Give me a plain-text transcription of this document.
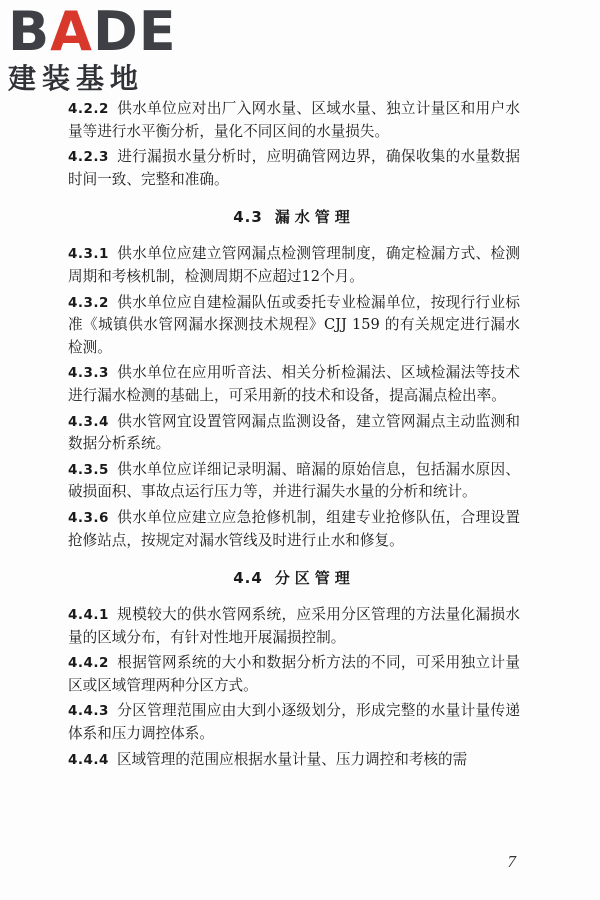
BADE
建装基地

4.2.2 供水单位应对出厂入网水量、区域水量、独立计量区和用户水量等进行水平衡分析，量化不同区间的水量损失。

4.2.3 进行漏损水量分析时，应明确管网边界，确保收集的水量数据时间一致、完整和准确。

4.3 漏水管理

4.3.1 供水单位应建立管网漏点检测管理制度，确定检漏方式、检测周期和考核机制，检测周期不应超过12个月。

4.3.2 供水单位应自建检漏队伍或委托专业检漏单位，按现行行业标准《城镇供水管网漏水探测技术规程》CJJ 159 的有关规定进行漏水检测。

4.3.3 供水单位在应用听音法、相关分析检漏法、区域检漏法等技术进行漏水检测的基础上，可采用新的技术和设备，提高漏点检出率。

4.3.4 供水管网宜设置管网漏点监测设备，建立管网漏点主动监测和数据分析系统。

4.3.5 供水单位应详细记录明漏、暗漏的原始信息，包括漏水原因、破损面积、事故点运行压力等，并进行漏失水量的分析和统计。

4.3.6 供水单位应建立应急抢修机制，组建专业抢修队伍，合理设置抢修站点，按规定对漏水管线及时进行止水和修复。

4.4 分区管理

4.4.1 规模较大的供水管网系统，应采用分区管理的方法量化漏损水量的区域分布，有针对性地开展漏损控制。

4.4.2 根据管网系统的大小和数据分析方法的不同，可采用独立计量区或区域管理两种分区方式。

4.4.3 分区管理范围应由大到小逐级划分，形成完整的水量计量传递体系和压力调控体系。

4.4.4 区域管理的范围应根据水量计量、压力调控和考核的需

7
